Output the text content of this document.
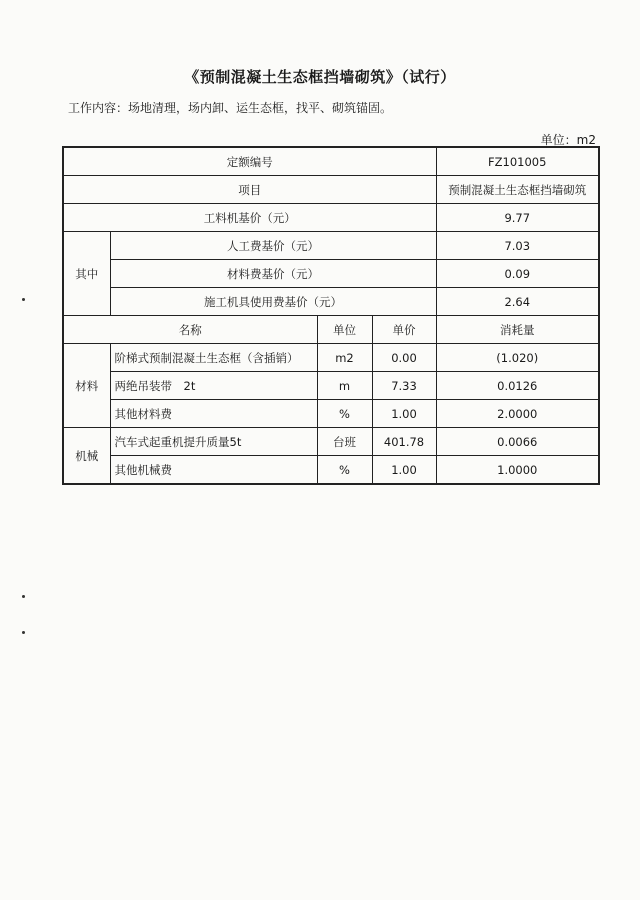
《预制混凝土生态框挡墙砌筑》（试行）
工作内容：场地清理，场内卸、运生态框，找平、砌筑锚固。
单位：m2
定额编号				FZ101005
项目				预制混凝土生态框挡墙砌筑
工料机基价（元）				9.77
其中	人工费基价（元）			7.03
	材料费基价（元）			0.09
	施工机具使用费基价（元）			2.64
名称		单位	单价	消耗量
材料	阶梯式预制混凝土生态框（含插销）	m2	0.00	(1.020)
	两绝吊装带　2t	m	7.33	0.0126
	其他材料费	%	1.00	2.0000
机械	汽车式起重机提升质量5t	台班	401.78	0.0066
	其他机械费	%	1.00	1.0000
